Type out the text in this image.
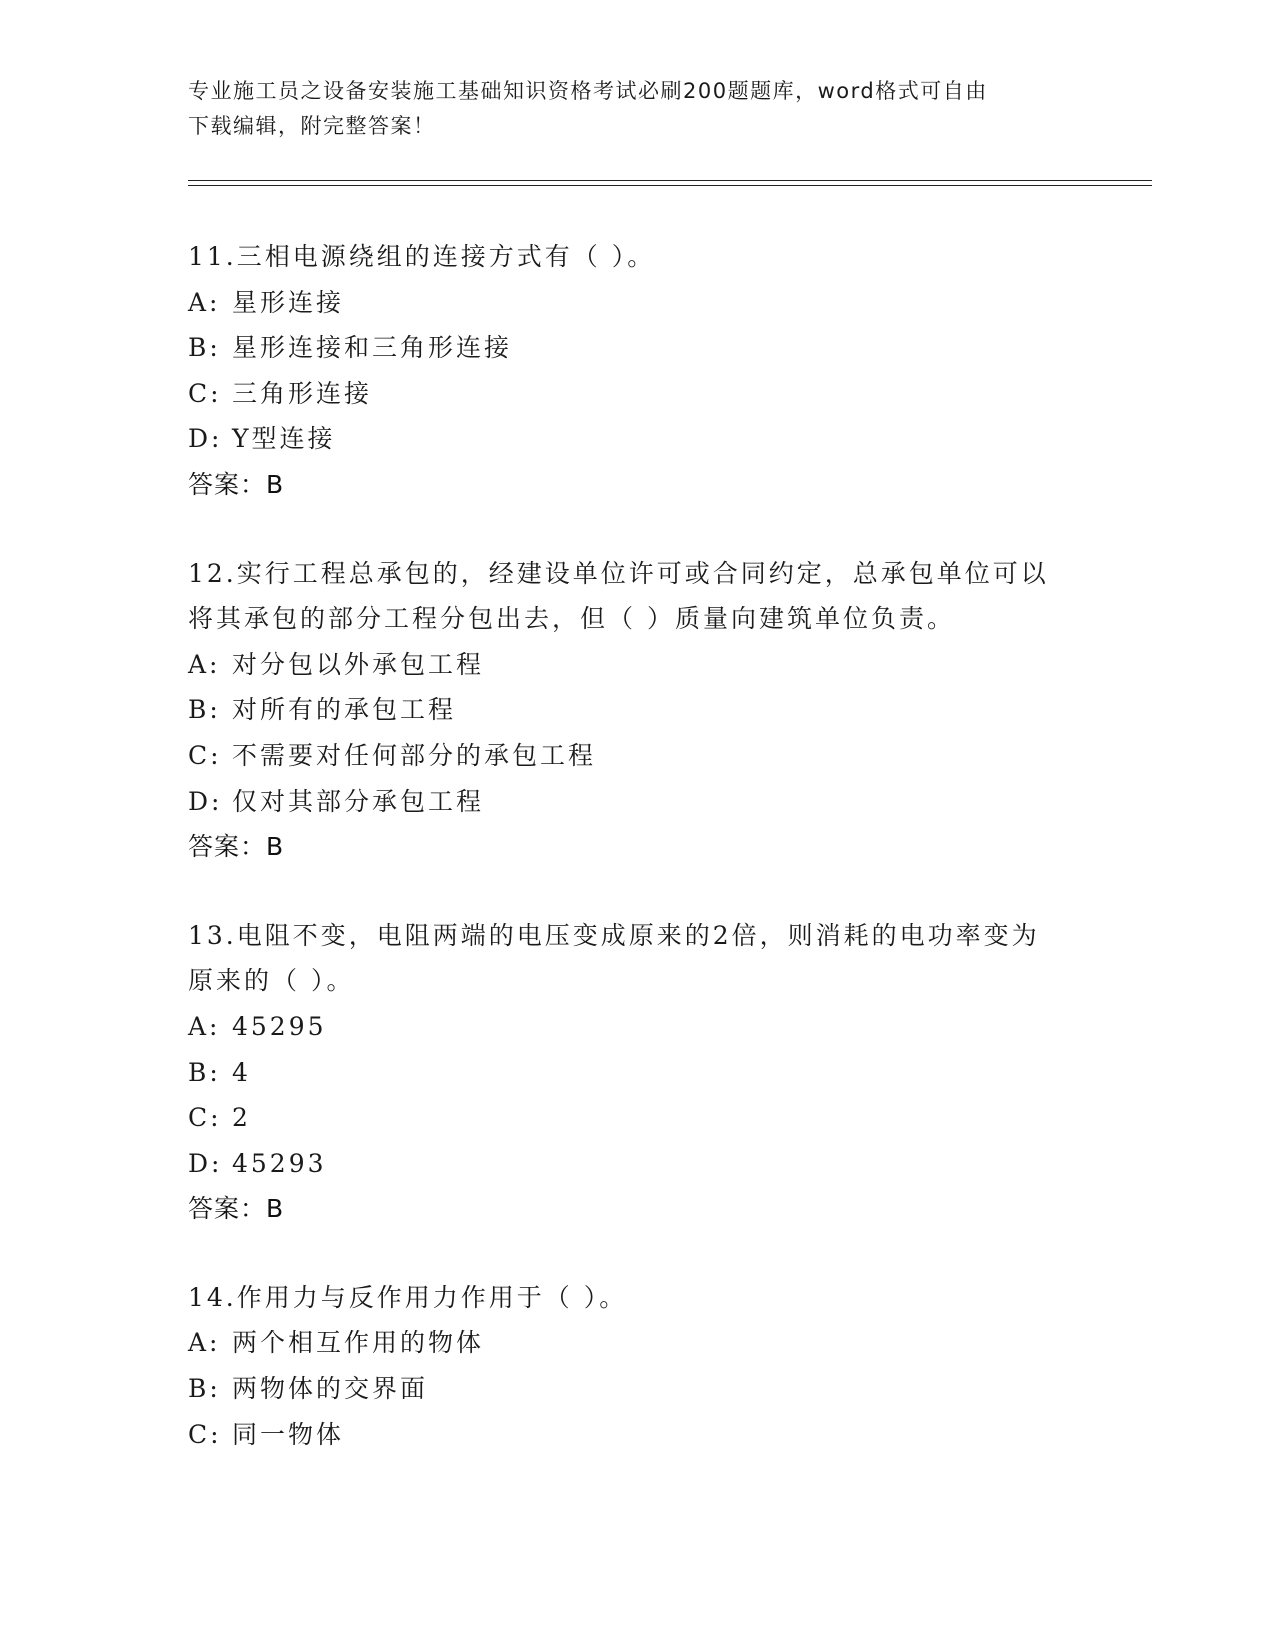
专业施工员之设备安装施工基础知识资格考试必刷200题题库，word格式可自由
下载编辑，附完整答案！
11.三相电源绕组的连接方式有（ ）。
A: 星形连接
B: 星形连接和三角形连接
C: 三角形连接
D: Y型连接
答案：B
12.实行工程总承包的，经建设单位许可或合同约定，总承包单位可以
将其承包的部分工程分包出去，但（ ）质量向建筑单位负责。
A: 对分包以外承包工程
B: 对所有的承包工程
C: 不需要对任何部分的承包工程
D: 仅对其部分承包工程
答案：B
13.电阻不变，电阻两端的电压变成原来的2倍，则消耗的电功率变为
原来的（ ）。
A: 45295
B: 4
C: 2
D: 45293
答案：B
14.作用力与反作用力作用于（ ）。
A: 两个相互作用的物体
B: 两物体的交界面
C: 同一物体
